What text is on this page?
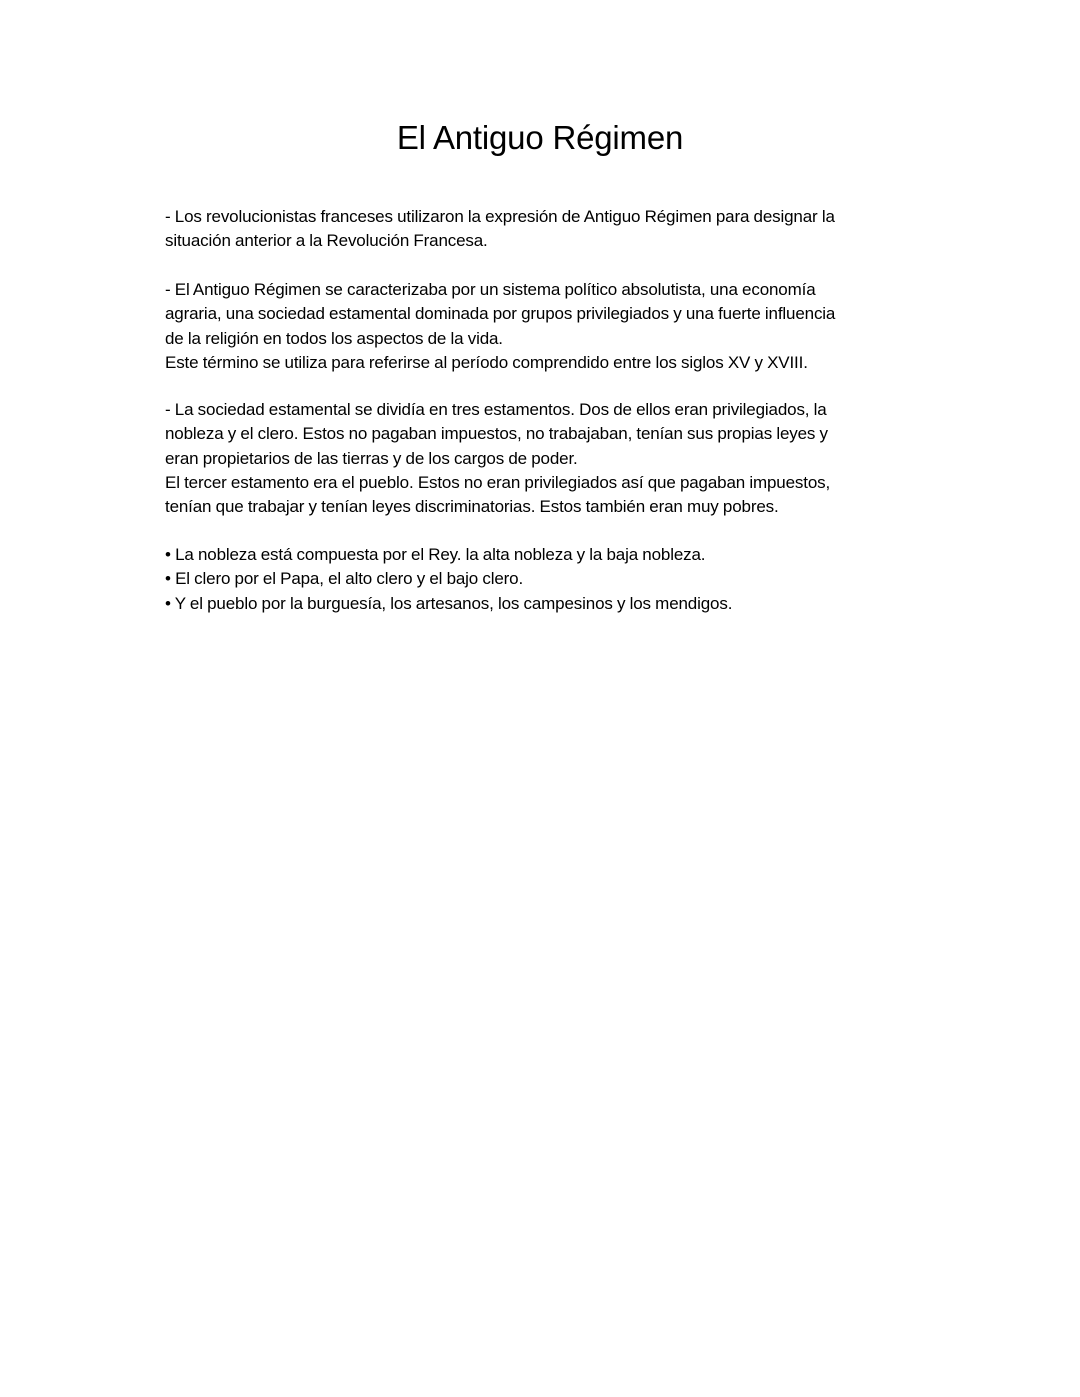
El Antiguo Régimen
- Los revolucionistas franceses utilizaron la expresión de Antiguo Régimen para designar la
situación anterior a la Revolución Francesa.
- El Antiguo Régimen se caracterizaba por un sistema político absolutista, una economía
agraria, una sociedad estamental dominada por grupos privilegiados y una fuerte influencia
de la religión en todos los aspectos de la vida.
Este término se utiliza para referirse al período comprendido entre los siglos XV y XVIII.
- La sociedad estamental se dividía en tres estamentos. Dos de ellos eran privilegiados, la
nobleza y el clero. Estos no pagaban impuestos, no trabajaban, tenían sus propias leyes y
eran propietarios de las tierras y de los cargos de poder.
El tercer estamento era el pueblo. Estos no eran privilegiados así que pagaban impuestos,
tenían que trabajar y tenían leyes discriminatorias. Estos también eran muy pobres.
• La nobleza está compuesta por el Rey. la alta nobleza y la baja nobleza.
• El clero por el Papa, el alto clero y el bajo clero.
• Y el pueblo por la burguesía, los artesanos, los campesinos y los mendigos.
